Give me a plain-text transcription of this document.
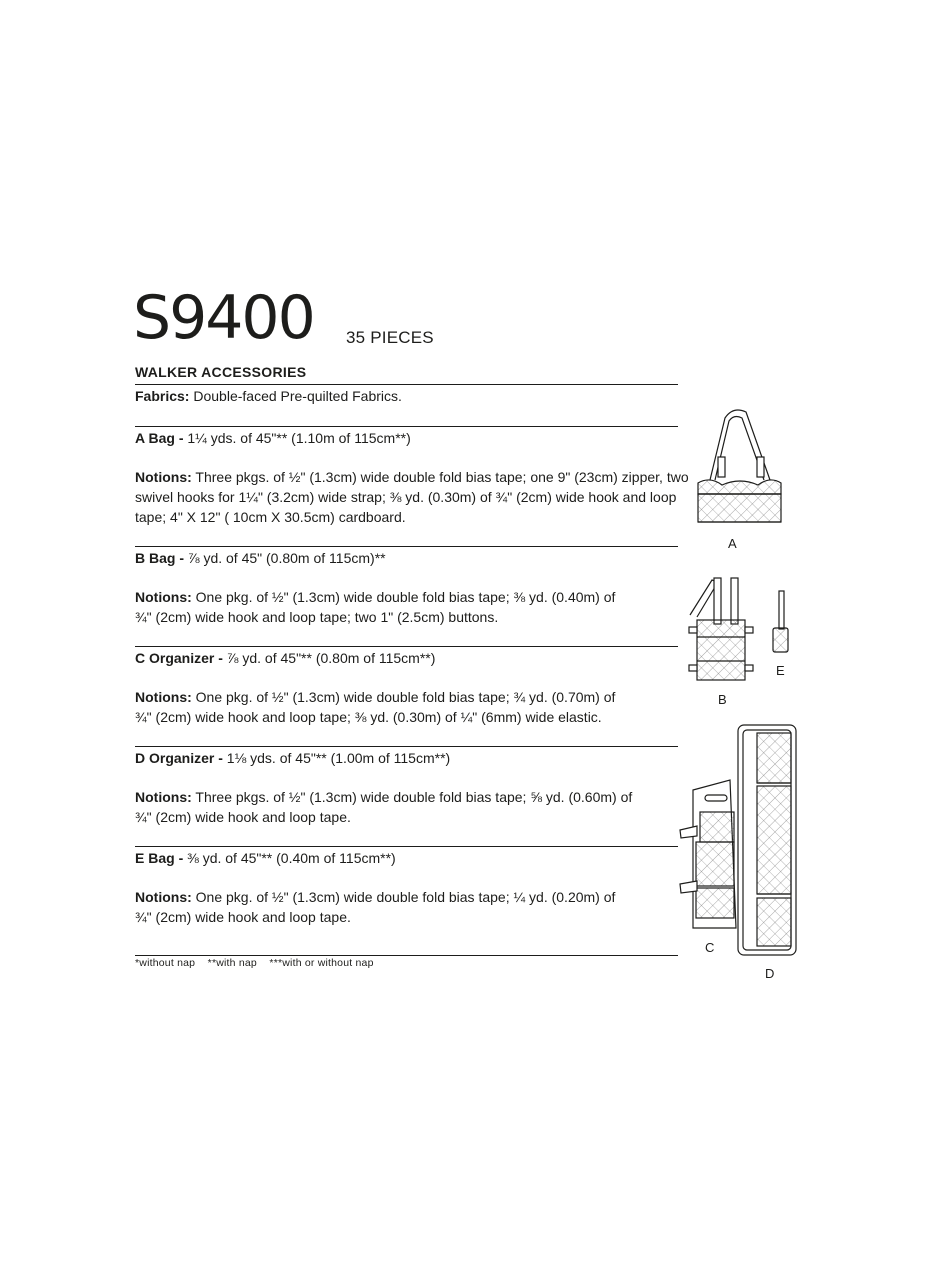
S9400 35 PIECES
WALKER ACCESSORIES
Fabrics: Double-faced Pre-quilted Fabrics.
A Bag - 1¼ yds. of 45"** (1.10m of 115cm**)
Notions: Three pkgs. of ½" (1.3cm) wide double fold bias tape; one 9" (23cm) zipper, two
swivel hooks for 1¼" (3.2cm) wide strap; ⅜ yd. (0.30m) of ¾" (2cm) wide hook and loop
tape; 4" X 12" ( 10cm X 30.5cm) cardboard.
B Bag - ⅞ yd. of 45" (0.80m of 115cm)**
Notions: One pkg. of ½" (1.3cm) wide double fold bias tape; ⅜ yd. (0.40m) of
¾" (2cm) wide hook and loop tape; two 1" (2.5cm) buttons.
C Organizer - ⅞ yd. of 45"** (0.80m of 115cm**)
Notions: One pkg. of ½" (1.3cm) wide double fold bias tape; ¾ yd. (0.70m) of
¾" (2cm) wide hook and loop tape; ⅜ yd. (0.30m) of ¼" (6mm) wide elastic.
D Organizer - 1⅛ yds. of 45"** (1.00m of 115cm**)
Notions: Three pkgs. of ½" (1.3cm) wide double fold bias tape; ⅝ yd. (0.60m) of
¾" (2cm) wide hook and loop tape.
E Bag - ⅜ yd. of 45"** (0.40m of 115cm**)
Notions: One pkg. of ½" (1.3cm) wide double fold bias tape; ¼ yd. (0.20m) of
¾" (2cm) wide hook and loop tape.
*without nap    **with nap    ***with or without nap
A
B
E
C
D
